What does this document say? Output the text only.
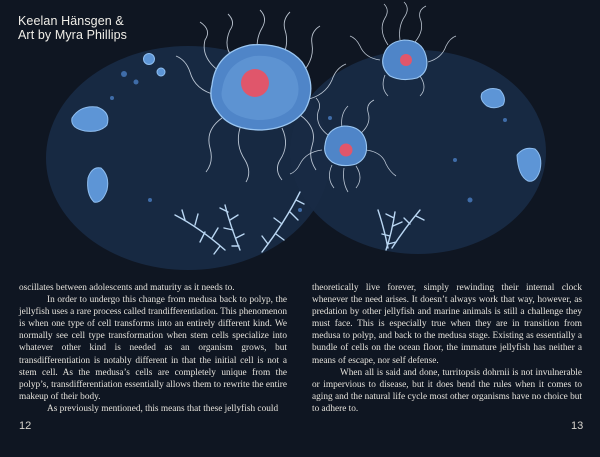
Keelan Hänsgen &
Art by Myra Phillips

oscillates between adolescents and maturity as it needs to.

In order to undergo this change from medusa back to polyp, the jellyfish uses a rare process called trandifferentiation. This phenomenon is when one type of cell transforms into an entirely different kind. We normally see cell type transformation when stem cells specialize into whatever other kind is needed as an organism grows, but transdifferentiation is notably different in that the initial cell is not a stem cell. As the medusa’s cells are completely unique from the polyp’s, transdifferentiation essentially allows them to rewrite the entire makeup of their body.

As previously mentioned, this means that these jellyfish could

theoretically live forever, simply rewinding their internal clock whenever the need arises. It doesn’t always work that way, however, as predation by other jellyfish and marine animals is still a challenge they must face. This is especially true when they are in transition from medusa to polyp, and back to the medusa stage. Existing as essentially a bundle of cells on the ocean floor, the immature jellyfish has neither a means of escape, nor self defense.

When all is said and done, turritopsis dohrnii is not invulnerable or impervious to disease, but it does bend the rules when it comes to aging and the natural life cycle most other organisms have no choice but to adhere to.

12	13
